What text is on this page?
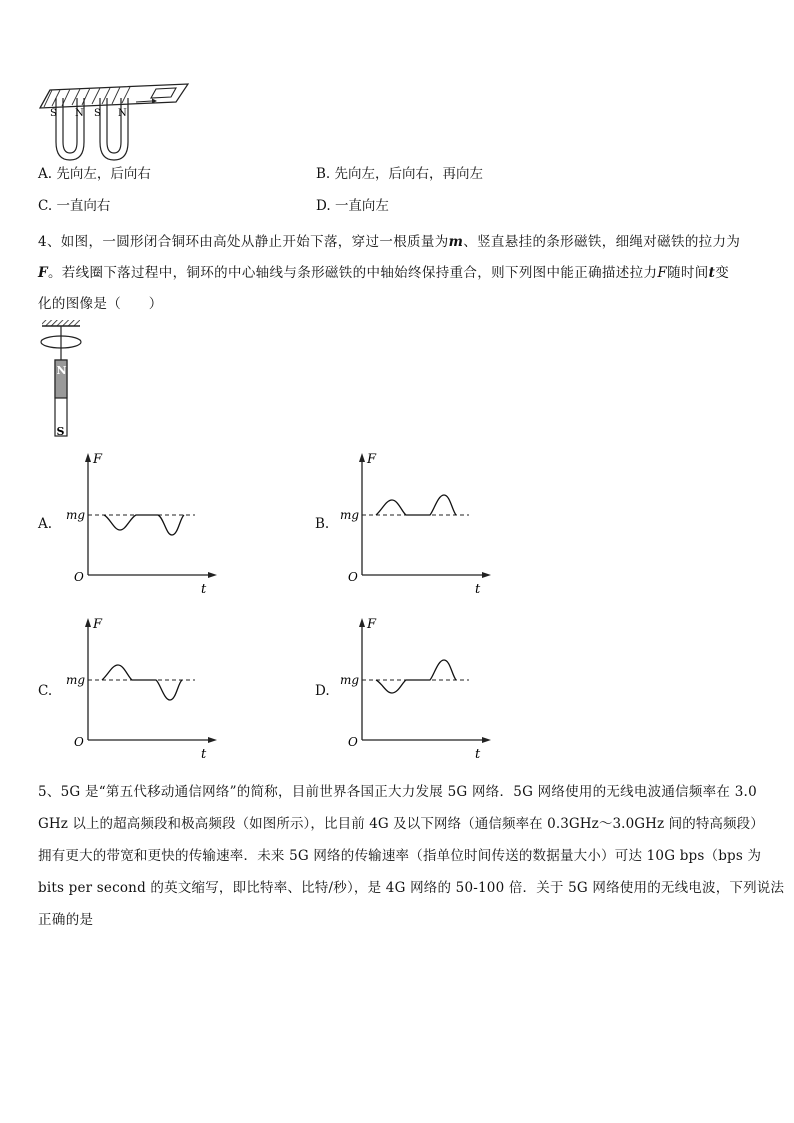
S N S N
A. 先向左，后向右	B. 先向左，后向右，再向左
C. 一直向右	D. 一直向左
4、如图，一圆形闭合铜环由高处从静止开始下落，穿过一根质量为m、竖直悬挂的条形磁铁，细绳对磁铁的拉力为
F。若线圈下落过程中，铜环的中心轴线与条形磁铁的中轴始终保持重合，则下列图中能正确描述拉力F随时间t变
化的图像是（　　）
N
S
A.
F
t
O
mg
B.
F
t
O
mg
C.
F
t
O
mg
D.
F
t
O
mg
5、5G 是“第五代移动通信网络”的简称，目前世界各国正大力发展 5G 网络．5G 网络使用的无线电波通信频率在 3.0
GHz 以上的超高频段和极高频段（如图所示），比目前 4G 及以下网络（通信频率在 0.3GHz～3.0GHz 间的特高频段）
拥有更大的带宽和更快的传输速率．未来 5G 网络的传输速率（指单位时间传送的数据量大小）可达 10G bps（bps 为
bits per second 的英文缩写，即比特率、比特/秒），是 4G 网络的 50-100 倍．关于 5G 网络使用的无线电波，下列说法
正确的是
